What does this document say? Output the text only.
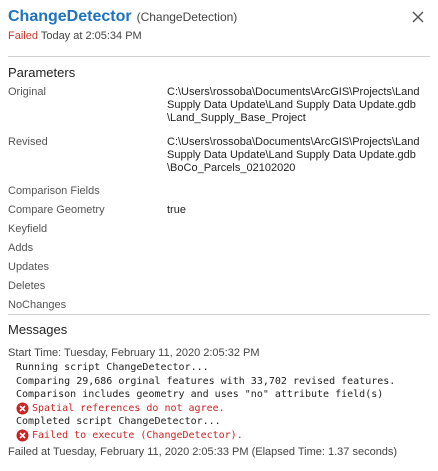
ChangeDetector (ChangeDetection)
Failed Today at 2:05:34 PM
Parameters
Original	C:\Users\rossoba\Documents\ArcGIS\Projects\Land
Supply Data Update\Land Supply Data Update.gdb
\Land_Supply_Base_Project
Revised	C:\Users\rossoba\Documents\ArcGIS\Projects\Land
Supply Data Update\Land Supply Data Update.gdb
\BoCo_Parcels_02102020
Comparison Fields
Compare Geometry	true
Keyfield
Adds
Updates
Deletes
NoChanges
Messages
Start Time: Tuesday, February 11, 2020 2:05:32 PM
Running script ChangeDetector...
Comparing 29,686 orginal features with 33,702 revised features.
Comparison includes geometry and uses "no" attribute field(s)
Spatial references do not agree.
Completed script ChangeDetector...
Failed to execute (ChangeDetector).
Failed at Tuesday, February 11, 2020 2:05:33 PM (Elapsed Time: 1.37 seconds)
